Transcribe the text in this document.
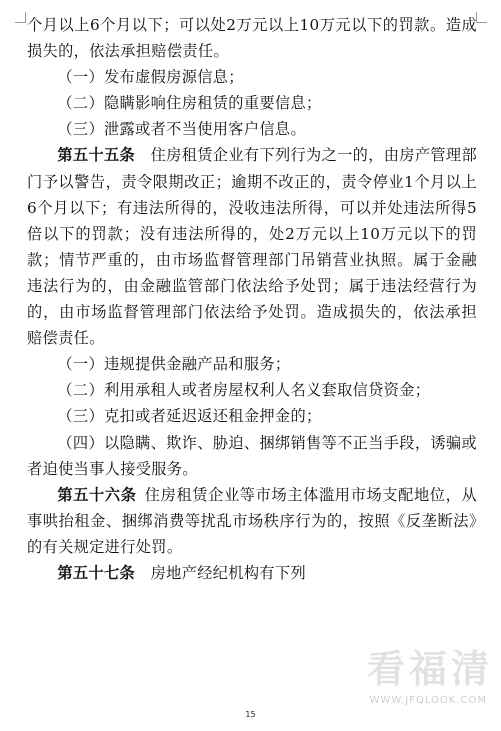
个月以上6个月以下；可以处2万元以上10万元以下的罚款。造成损失的，依法承担赔偿责任。

（一）发布虚假房源信息；

（二）隐瞒影响住房租赁的重要信息；

（三）泄露或者不当使用客户信息。

第五十五条  住房租赁企业有下列行为之一的，由房产管理部门予以警告，责令限期改正；逾期不改正的，责令停业1个月以上6个月以下；有违法所得的，没收违法所得，可以并处违法所得5倍以下的罚款；没有违法所得的，处2万元以上10万元以下的罚款；情节严重的，由市场监督管理部门吊销营业执照。属于金融违法行为的，由金融监管部门依法给予处罚；属于违法经营行为的，由市场监督管理部门依法给予处罚。造成损失的，依法承担赔偿责任。

（一）违规提供金融产品和服务；

（二）利用承租人或者房屋权利人名义套取信贷资金；

（三）克扣或者延迟返还租金押金的；

（四）以隐瞒、欺诈、胁迫、捆绑销售等不正当手段，诱骗或者迫使当事人接受服务。

第五十六条  住房租赁企业等市场主体滥用市场支配地位，从事哄抬租金、捆绑消费等扰乱市场秩序行为的，按照《反垄断法》的有关规定进行处罚。

第五十七条  房地产经纪机构有下列

看福清
WWW.JFQLOOK.COM
15
